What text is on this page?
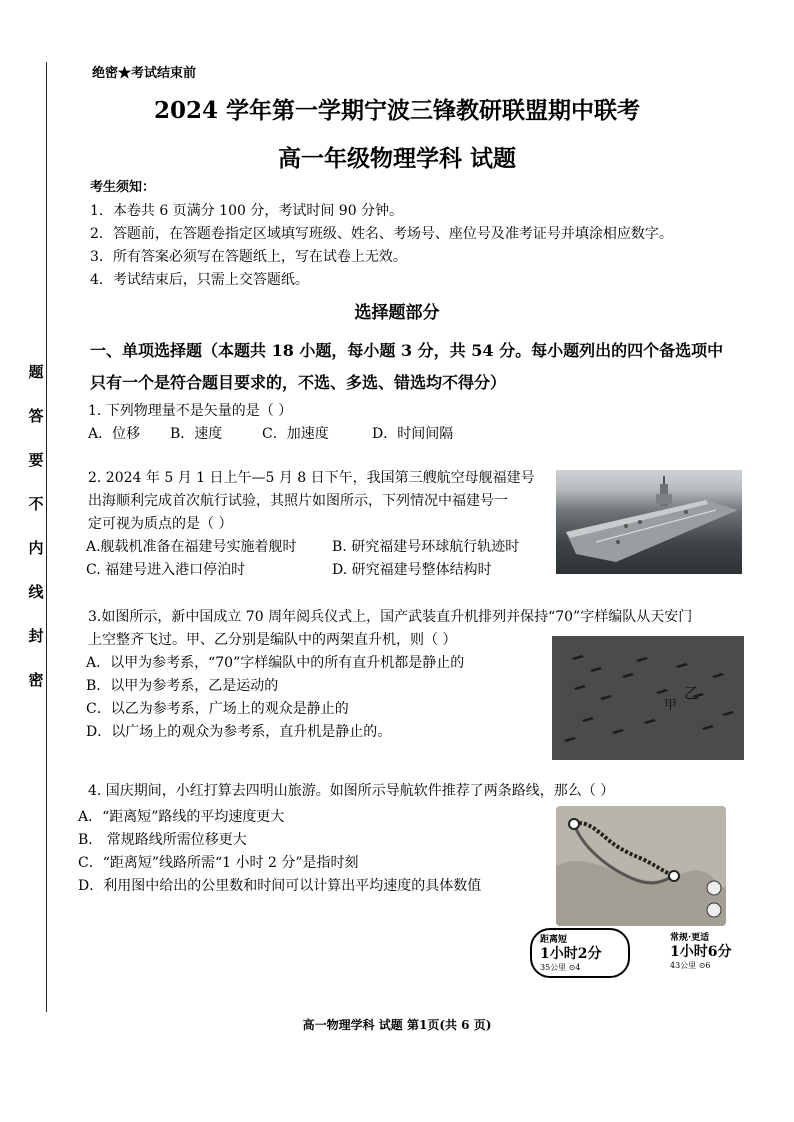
题
答
要
不
内
线
封
密
绝密★考试结束前
2024 学年第一学期宁波三锋教研联盟期中联考
高一年级物理学科 试题
考生须知：
1．本卷共 6 页满分 100 分，考试时间 90 分钟。
2．答题前，在答题卷指定区域填写班级、姓名、考场号、座位号及准考证号并填涂相应数字。
3．所有答案必须写在答题纸上，写在试卷上无效。
4．考试结束后，只需上交答题纸。
选择题部分
一、单项选择题（本题共 18 小题，每小题 3 分，共 54 分。每小题列出的四个备选项中
只有一个是符合题目要求的，不选、多选、错选均不得分）
1. 下列物理量不是矢量的是（ ）
A．位移 B．速度	C．加速度	D．时间间隔
2. 2024 年 5 月 1 日上午—5 月 8 日下午，我国第三艘航空母舰福建号
出海顺利完成首次航行试验，其照片如图所示，下列情况中福建号一
定可视为质点的是（ ）
A.舰载机准备在福建号实施着舰时	B. 研究福建号环球航行轨迹时
C. 福建号进入港口停泊时	D. 研究福建号整体结构时
3.如图所示，新中国成立 70 周年阅兵仪式上，国产武装直升机排列并保持“70”字样编队从天安门
上空整齐飞过。甲、乙分别是编队中的两架直升机，则（ ）
A．以甲为参考系，“70”字样编队中的所有直升机都是静止的
B．以甲为参考系，乙是运动的
C．以乙为参考系，广场上的观众是静止的
D．以广场上的观众为参考系，直升机是静止的。
甲
乙
4. 国庆期间，小红打算去四明山旅游。如图所示导航软件推荐了两条路线，那么（ ）
A．“距离短”路线的平均速度更大
B． 常规路线所需位移更大
C．“距离短”线路所需“1 小时 2 分”是指时刻
D．利用图中给出的公里数和时间可以计算出平均速度的具体数值
距离短
1小时2分
35公里 ⊙4
常规·更适
1小时6分
43公里 ⊙6
高一物理学科 试题 第1页(共 6 页)
